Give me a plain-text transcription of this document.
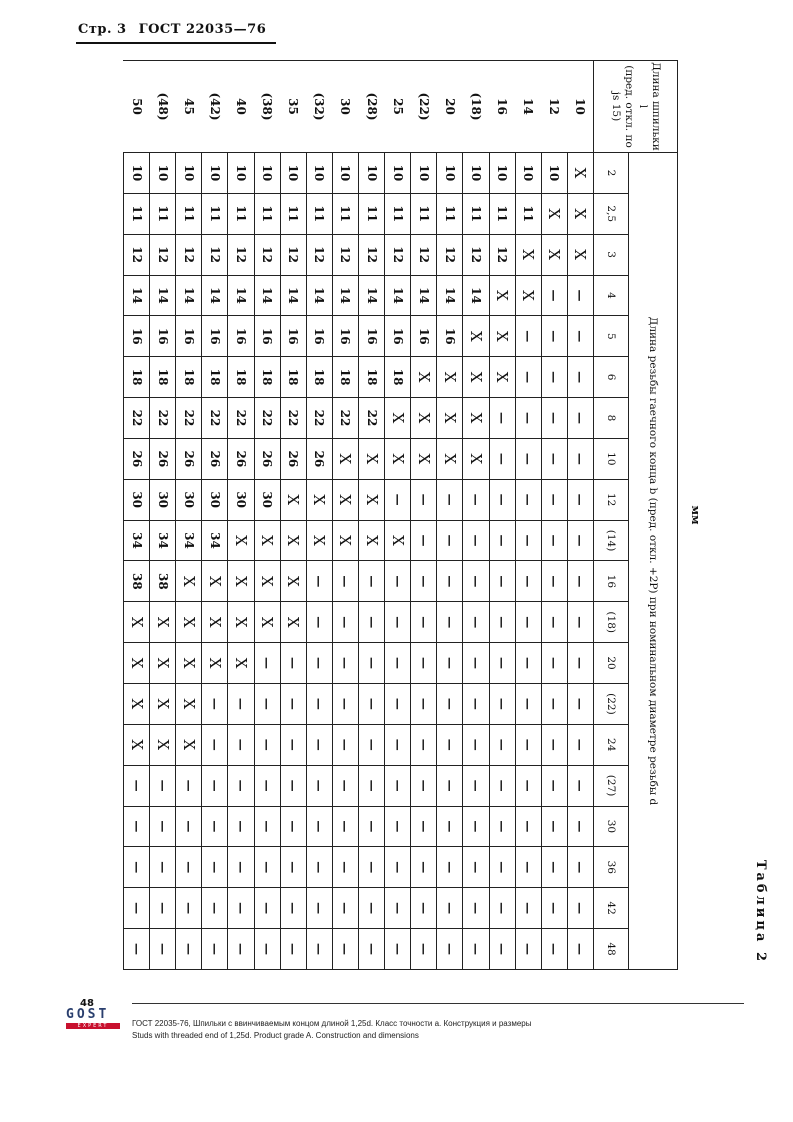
Стр. 3 ГОСТ 22035—76
Таблица 2
мм
Длина шпильки l
(пред. откл. по js 15)	Длина резьбы гаечного конца b (пред. откл. +2P) при номинальном диаметре резьбы d																			
	2	2,5	3	4	5	6	8	10	12	(14)	16	(18)	20	(22)	24	(27)	30	36	42	48
10	X	X	X	—	—	—	—	—	—	—	—	—	—	—	—	—	—	—	—	—
12	10	X	X	—	—	—	—	—	—	—	—	—	—	—	—	—	—	—	—	—
14	10	11	X	X	—	—	—	—	—	—	—	—	—	—	—	—	—	—	—	—
16	10	11	12	X	X	X	—	—	—	—	—	—	—	—	—	—	—	—	—	—
(18)	10	11	12	14	X	X	X	X	—	—	—	—	—	—	—	—	—	—	—	—
20	10	11	12	14	16	X	X	X	—	—	—	—	—	—	—	—	—	—	—	—
(22)	10	11	12	14	16	X	X	X	—	—	—	—	—	—	—	—	—	—	—	—
25	10	11	12	14	16	18	X	X	—	X	—	—	—	—	—	—	—	—	—	—
(28)	10	11	12	14	16	18	22	X	X	X	—	—	—	—	—	—	—	—	—	—
30	10	11	12	14	16	18	22	X	X	X	—	—	—	—	—	—	—	—	—	—
(32)	10	11	12	14	16	18	22	26	X	X	—	—	—	—	—	—	—	—	—	—
35	10	11	12	14	16	18	22	26	X	X	X	X	—	—	—	—	—	—	—	—
(38)	10	11	12	14	16	18	22	26	30	X	X	X	—	—	—	—	—	—	—	—
40	10	11	12	14	16	18	22	26	30	X	X	X	X	—	—	—	—	—	—	—
(42)	10	11	12	14	16	18	22	26	30	34	X	X	X	—	—	—	—	—	—	—
45	10	11	12	14	16	18	22	26	30	34	X	X	X	X	X	—	—	—	—	—
(48)	10	11	12	14	16	18	22	26	30	34	38	X	X	X	X	—	—	—	—	—
50	10	11	12	14	16	18	22	26	30	34	38	X	X	X	X	—	—	—	—	—
48
GOST
EXPERT	ГОСТ 22035-76, Шпильки с ввинчиваемым концом длиной 1,25d. Класс точности а. Конструкция и размеры
Studs with threaded end of 1,25d. Product grade A. Construction and dimensions
